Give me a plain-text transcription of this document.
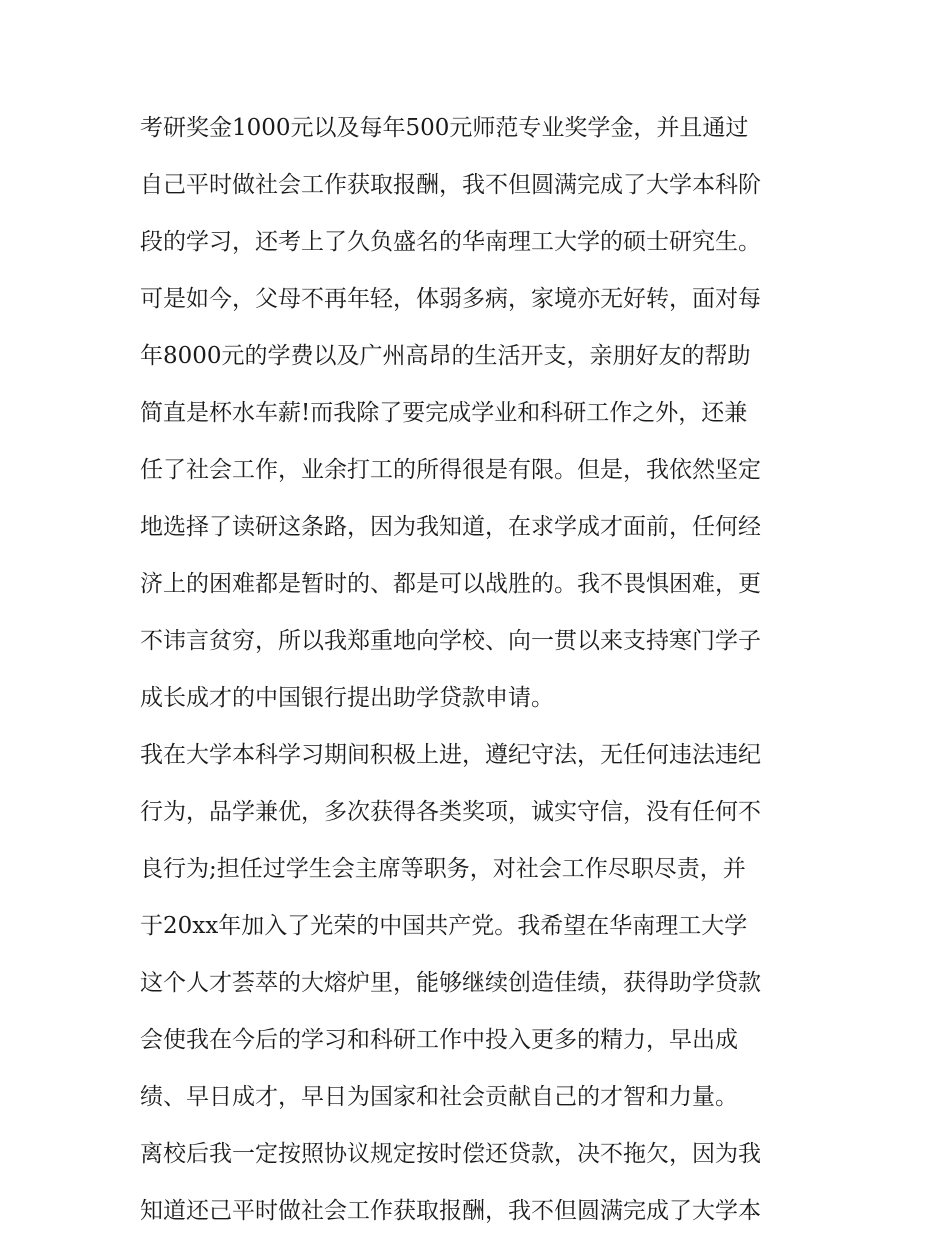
考研奖金1000元以及每年500元师范专业奖学金，并且通过
自己平时做社会工作获取报酬，我不但圆满完成了大学本科阶
段的学习，还考上了久负盛名的华南理工大学的硕士研究生。
可是如今，父母不再年轻，体弱多病，家境亦无好转，面对每
年8000元的学费以及广州高昂的生活开支，亲朋好友的帮助
简直是杯水车薪!而我除了要完成学业和科研工作之外，还兼
任了社会工作，业余打工的所得很是有限。但是，我依然坚定
地选择了读研这条路，因为我知道，在求学成才面前，任何经
济上的困难都是暂时的、都是可以战胜的。我不畏惧困难，更
不讳言贫穷，所以我郑重地向学校、向一贯以来支持寒门学子
成长成才的中国银行提出助学贷款申请。
我在大学本科学习期间积极上进，遵纪守法，无任何违法违纪
行为，品学兼优，多次获得各类奖项，诚实守信，没有任何不
良行为;担任过学生会主席等职务，对社会工作尽职尽责，并
于20xx年加入了光荣的中国共产党。我希望在华南理工大学
这个人才荟萃的大熔炉里，能够继续创造佳绩，获得助学贷款
会使我在今后的学习和科研工作中投入更多的精力，早出成
绩、早日成才，早日为国家和社会贡献自己的才智和力量。
离校后我一定按照协议规定按时偿还贷款，决不拖欠，因为我
知道还己平时做社会工作获取报酬，我不但圆满完成了大学本
